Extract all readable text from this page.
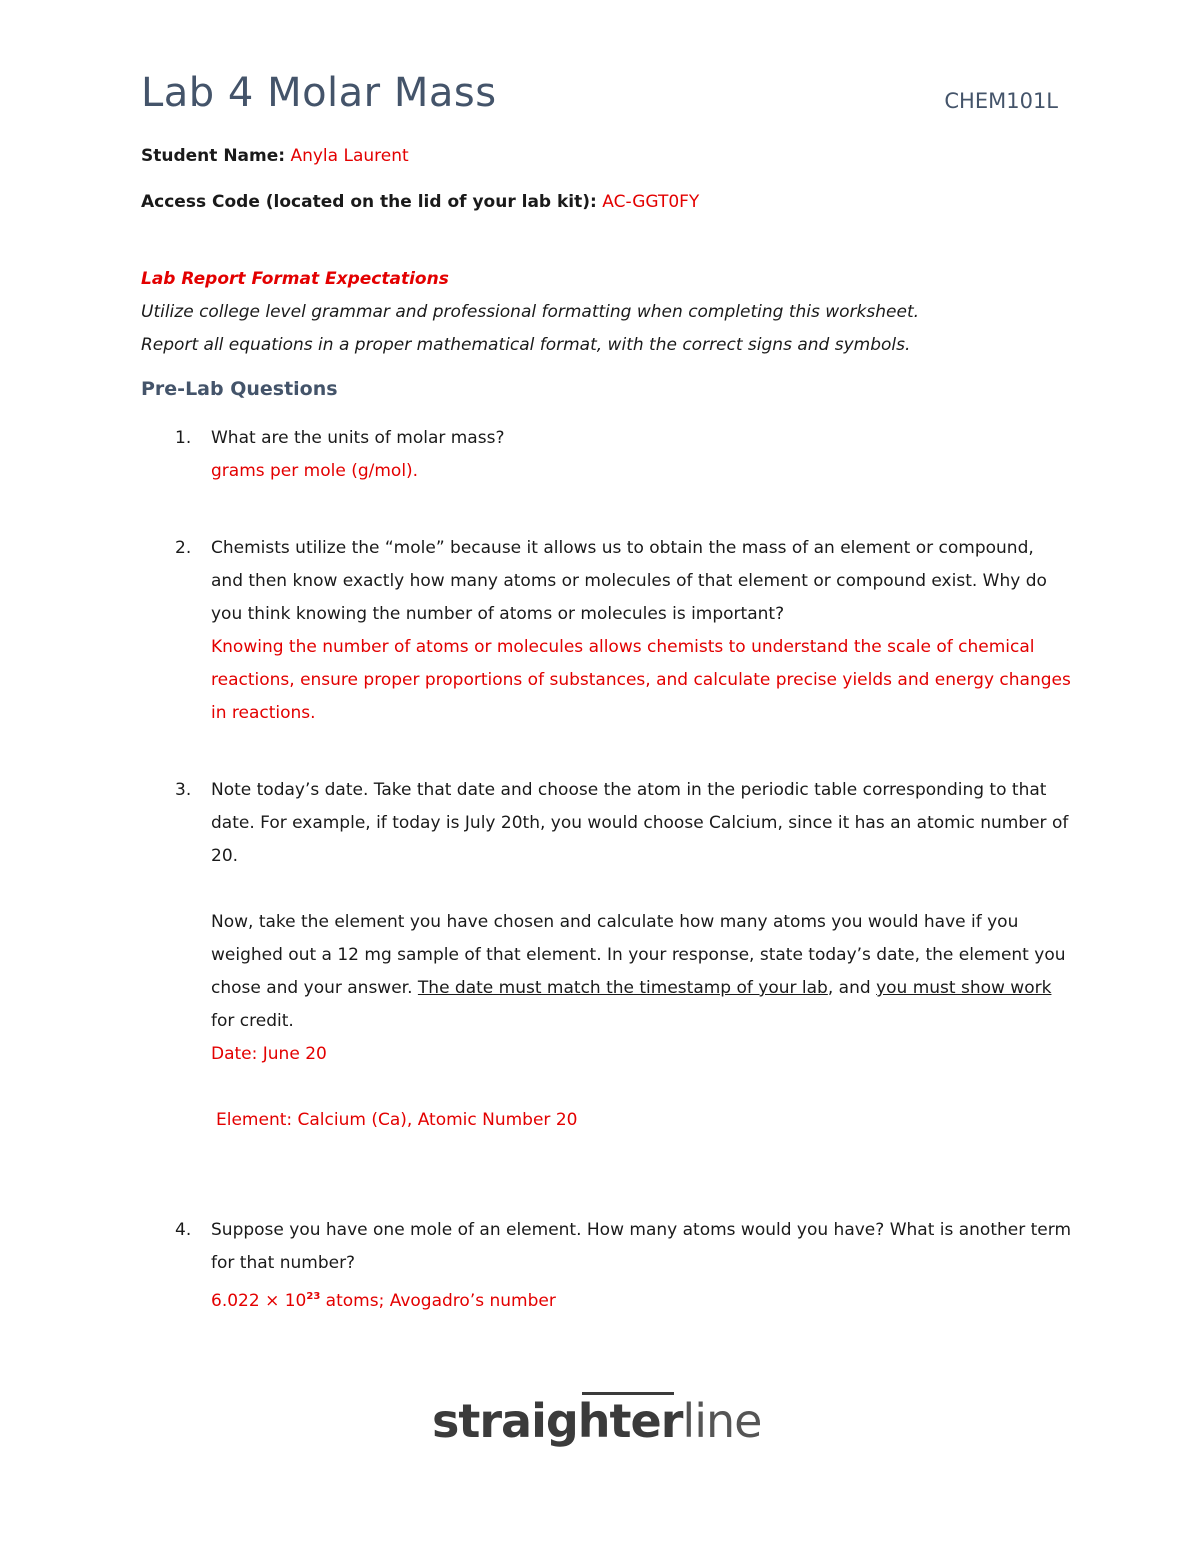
Lab 4 Molar Mass	CHEM101L
Student Name: Anyla Laurent
Access Code (located on the lid of your lab kit): AC-GGT0FY
Lab Report Format Expectations
Utilize college level grammar and professional formatting when completing this worksheet.
Report all equations in a proper mathematical format, with the correct signs and symbols.
Pre-Lab Questions
1. What are the units of molar mass?

grams per mole (g/mol).

2. Chemists utilize the “mole” because it allows us to obtain the mass of an element or compound, and then know exactly how many atoms or molecules of that element or compound exist. Why do you think knowing the number of atoms or molecules is important?

Knowing the number of atoms or molecules allows chemists to understand the scale of chemical reactions, ensure proper proportions of substances, and calculate precise yields and energy changes in reactions.

3. Note today’s date. Take that date and choose the atom in the periodic table corresponding to that date. For example, if today is July 20th, you would choose Calcium, since it has an atomic number of 20.

Now, take the element you have chosen and calculate how many atoms you would have if you weighed out a 12 mg sample of that element. In your response, state today’s date, the element you chose and your answer. The date must match the timestamp of your lab, and you must show work for credit.

Date: June 20

Element: Calcium (Ca), Atomic Number 20

4. Suppose you have one mole of an element. How many atoms would you have? What is another term for that number?

$6.022 \times 10^{23}$ atoms; Avogadro’s number

straighterline
